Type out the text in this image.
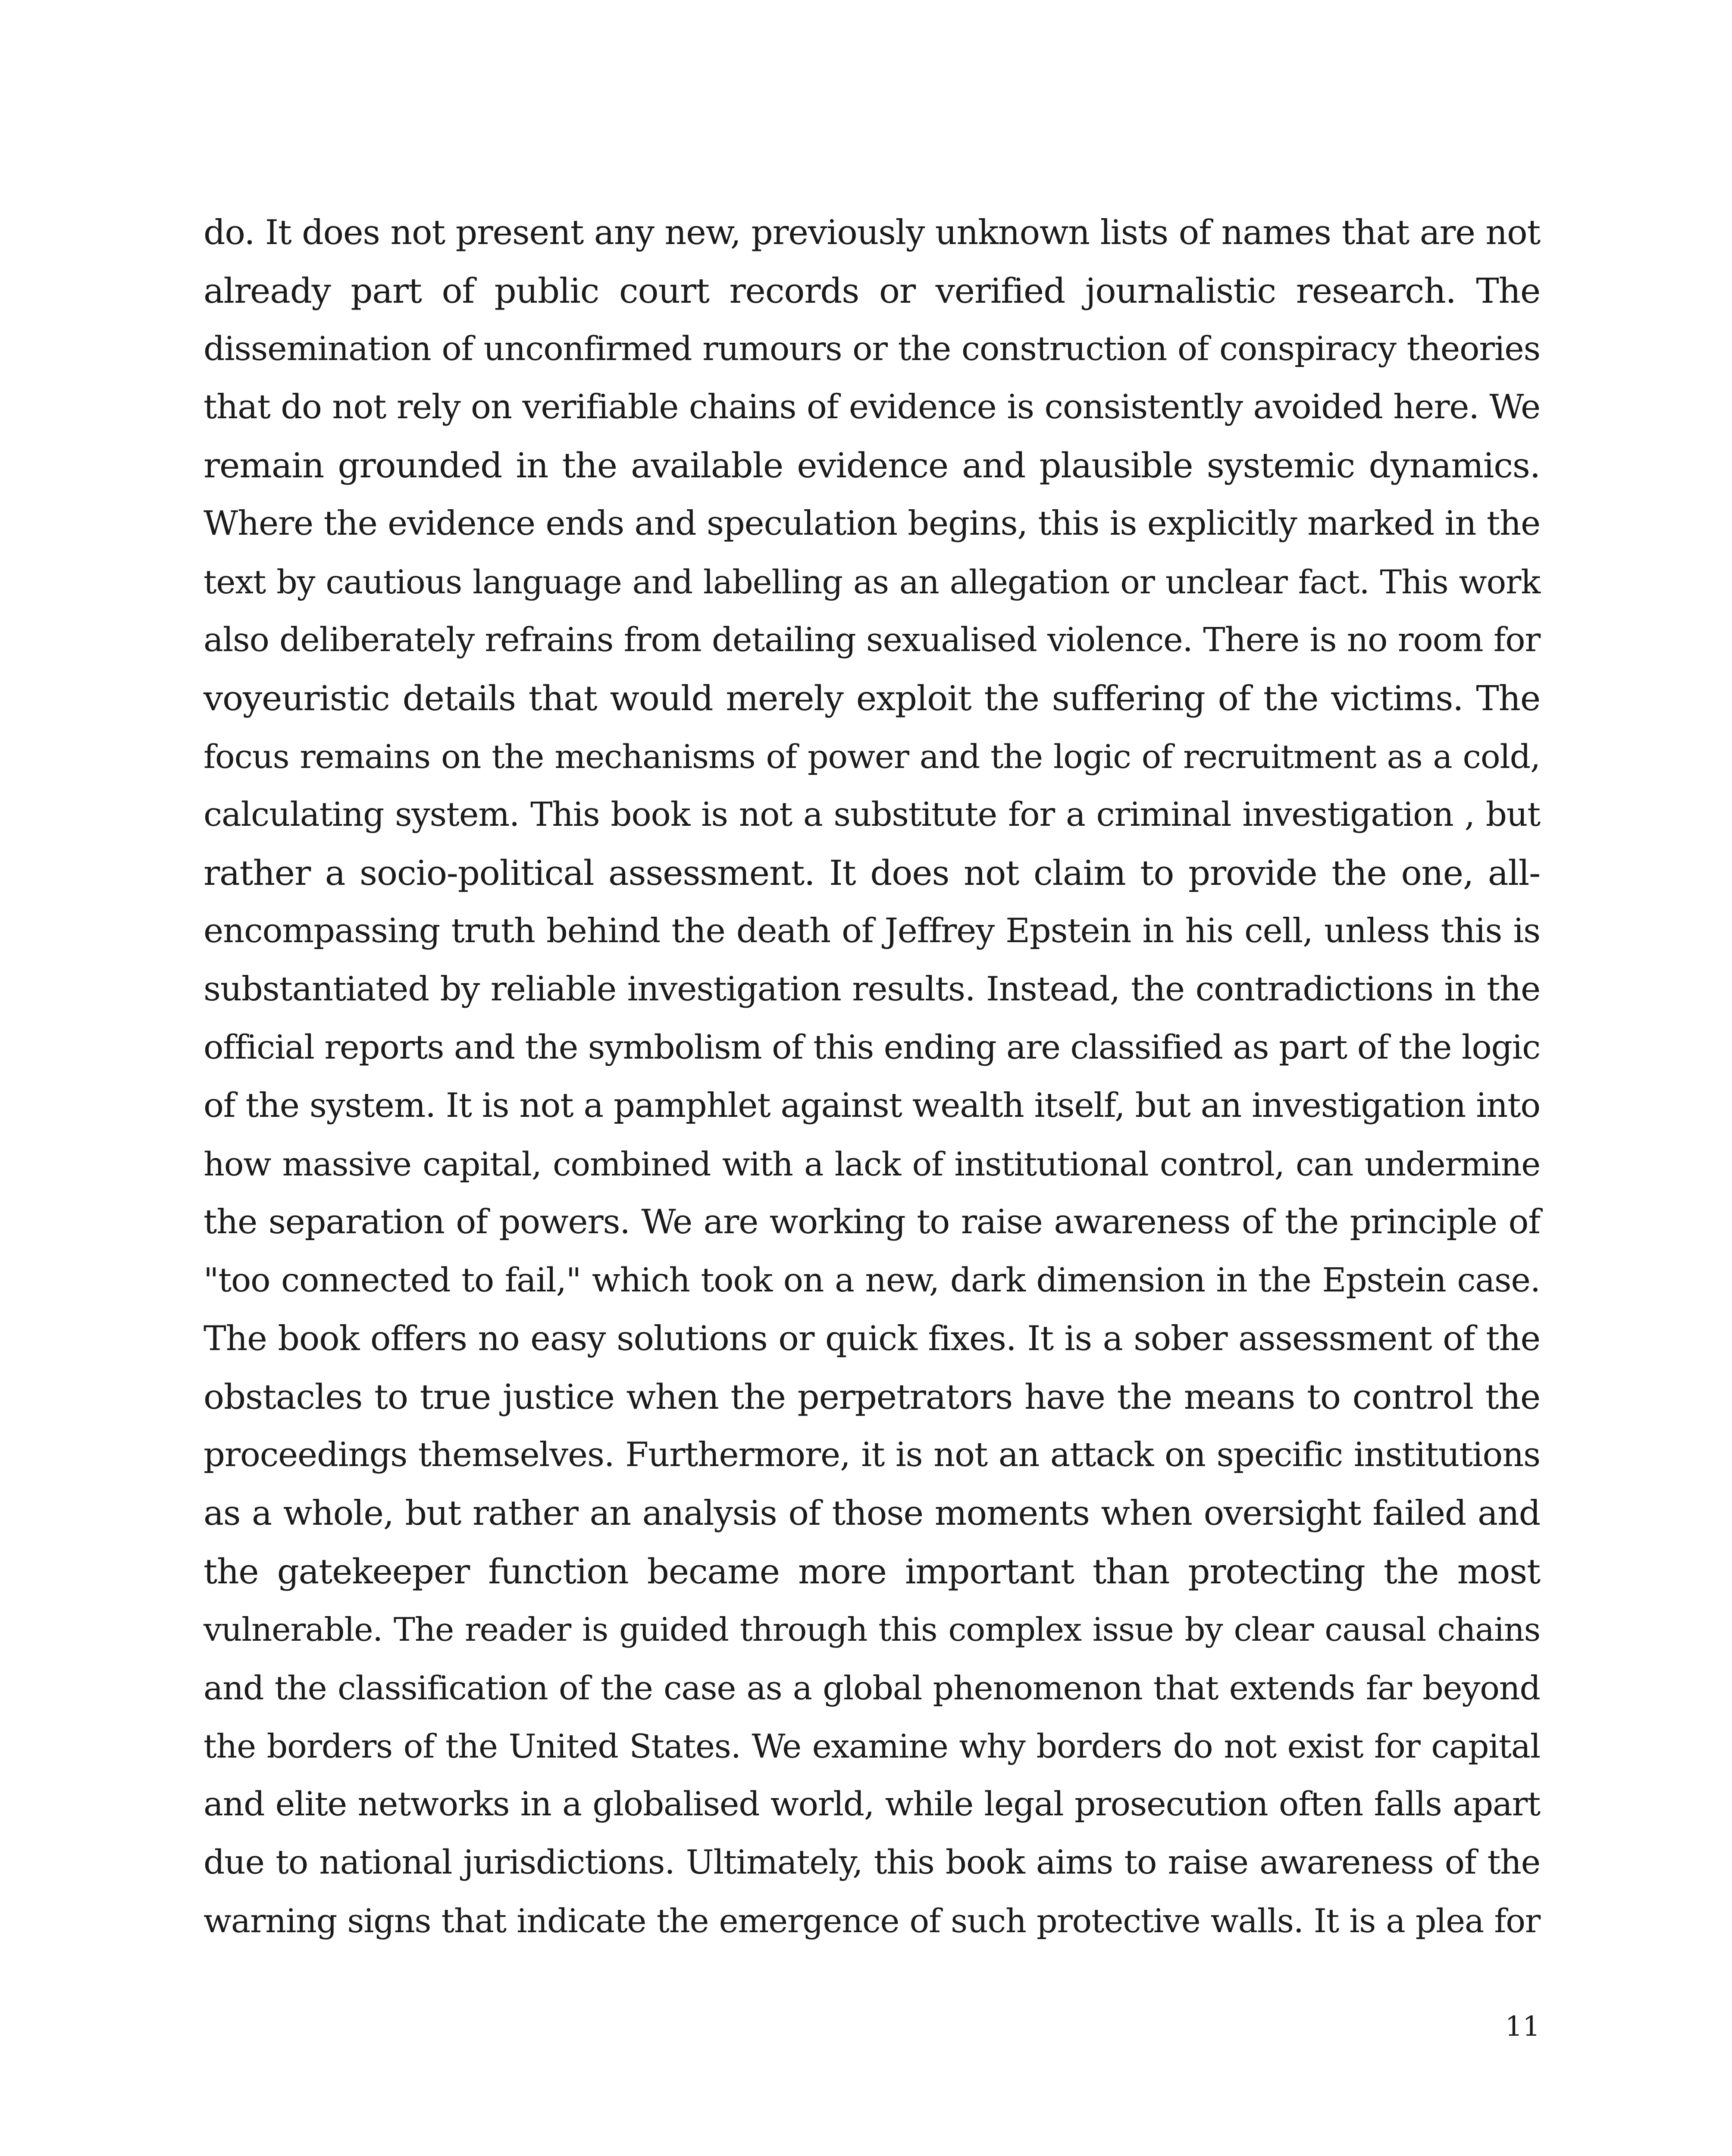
do. It does not present any new, previously unknown lists of names that are not
already part of public court records or verified journalistic research. The
dissemination of unconfirmed rumours or the construction of conspiracy theories
that do not rely on verifiable chains of evidence is consistently avoided here. We
remain grounded in the available evidence and plausible systemic dynamics.
Where the evidence ends and speculation begins, this is explicitly marked in the
text by cautious language and labelling as an allegation or unclear fact. This work
also deliberately refrains from detailing sexualised violence. There is no room for
voyeuristic details that would merely exploit the suffering of the victims. The
focus remains on the mechanisms of power and the logic of recruitment as a cold,
calculating system. This book is not a substitute for a criminal investigation , but
rather a socio-political assessment. It does not claim to provide the one, all-
encompassing truth behind the death of Jeffrey Epstein in his cell, unless this is
substantiated by reliable investigation results. Instead, the contradictions in the
official reports and the symbolism of this ending are classified as part of the logic
of the system. It is not a pamphlet against wealth itself, but an investigation into
how massive capital, combined with a lack of institutional control, can undermine
the separation of powers. We are working to raise awareness of the principle of
"too connected to fail," which took on a new, dark dimension in the Epstein case.
The book offers no easy solutions or quick fixes. It is a sober assessment of the
obstacles to true justice when the perpetrators have the means to control the
proceedings themselves. Furthermore, it is not an attack on specific institutions
as a whole, but rather an analysis of those moments when oversight failed and
the gatekeeper function became more important than protecting the most
vulnerable. The reader is guided through this complex issue by clear causal chains
and the classification of the case as a global phenomenon that extends far beyond
the borders of the United States. We examine why borders do not exist for capital
and elite networks in a globalised world, while legal prosecution often falls apart
due to national jurisdictions. Ultimately, this book aims to raise awareness of the
warning signs that indicate the emergence of such protective walls. It is a plea for
11
